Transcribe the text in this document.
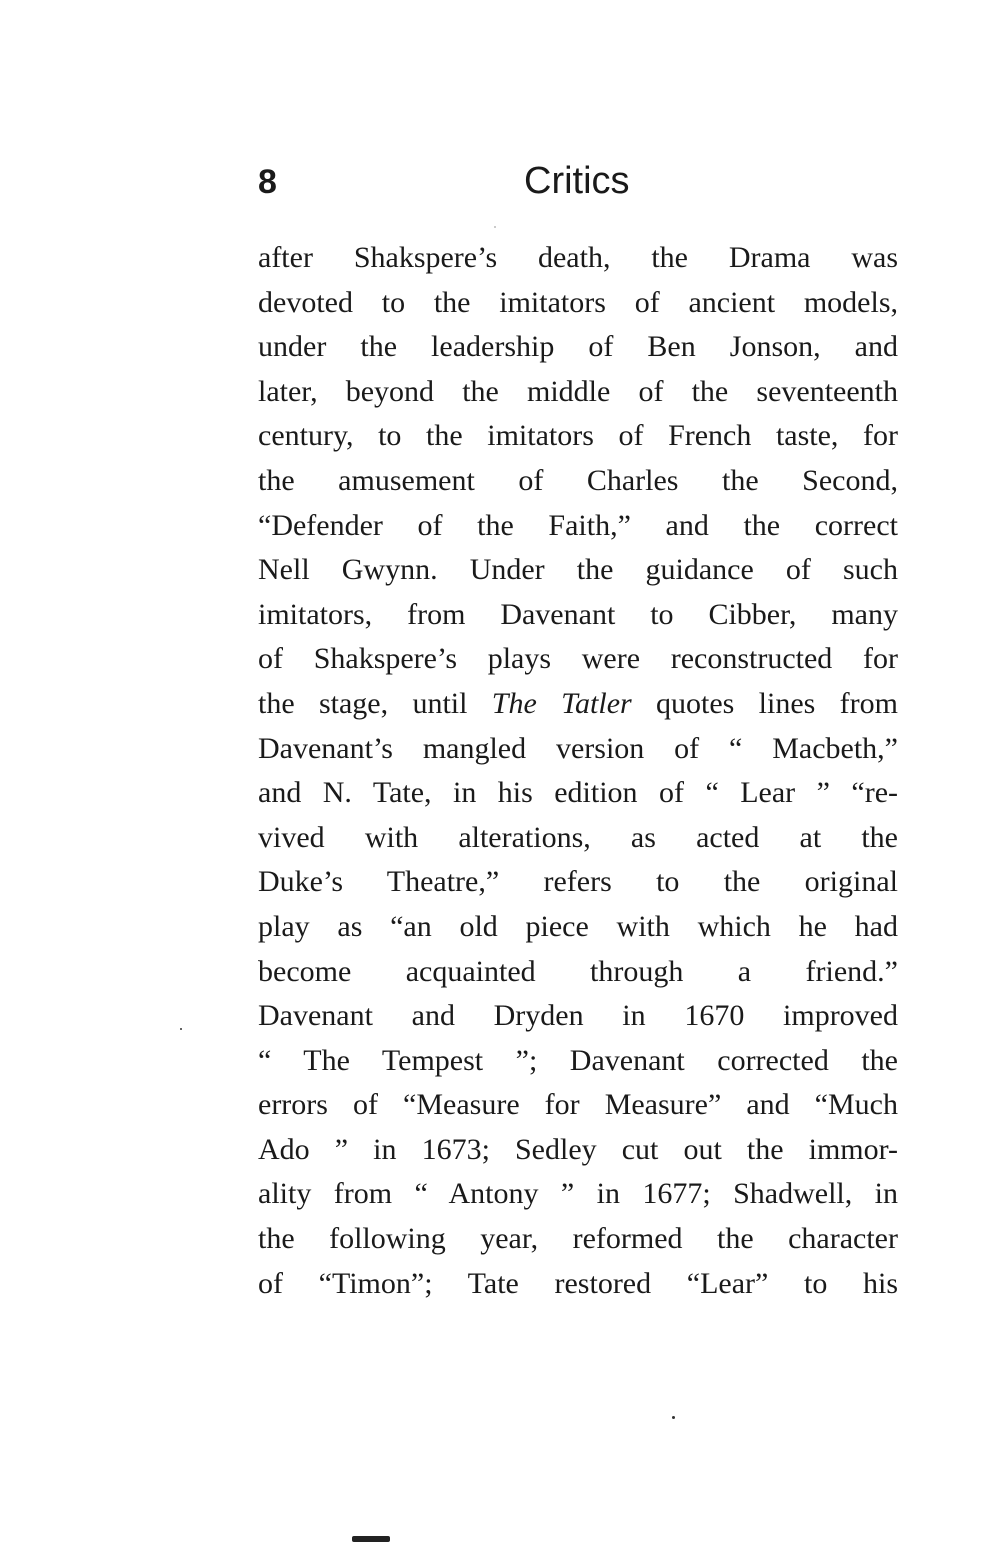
8	Critics
after Shakspere’s death, the Drama was
devoted to the imitators of ancient models,
under the leadership of Ben Jonson, and
later, beyond the middle of the seventeenth
century, to the imitators of French taste, for
the amusement of Charles the Second,
“Defender of the Faith,” and the correct
Nell Gwynn. Under the guidance of such
imitators, from Davenant to Cibber, many
of Shakspere’s plays were reconstructed for
the stage, until The Tatler quotes lines from
Davenant’s mangled version of “ Macbeth,”
and N. Tate, in his edition of “ Lear ” “re-
vived with alterations, as acted at the
Duke’s Theatre,” refers to the original
play as “an old piece with which he had
become acquainted through a friend.”
Davenant and Dryden in 1670 improved
“ The Tempest ”; Davenant corrected the
errors of “Measure for Measure” and “Much
Ado ” in 1673; Sedley cut out the immor-
ality from “ Antony ” in 1677; Shadwell, in
the following year, reformed the character
of “Timon”; Tate restored “Lear” to his
